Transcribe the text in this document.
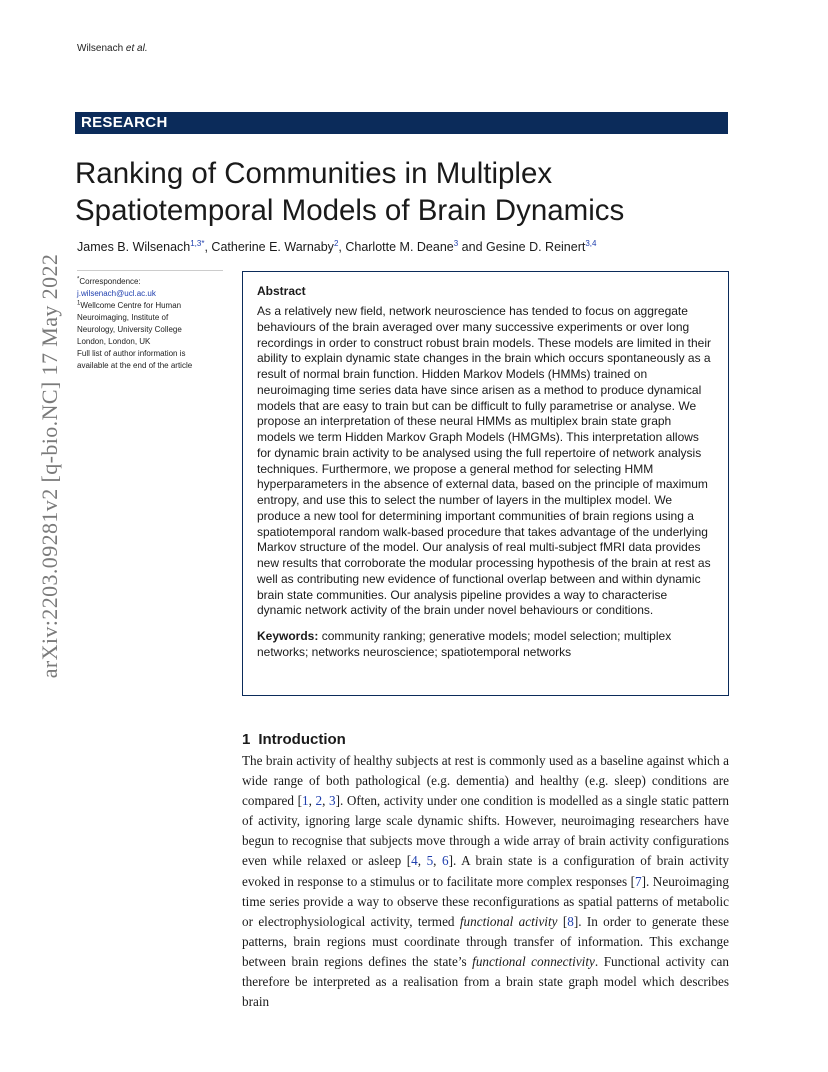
Wilsenach et al.
RESEARCH
Ranking of Communities in Multiplex
Spatiotemporal Models of Brain Dynamics
James B. Wilsenach$^{1,3*}$, Catherine E. Warnaby$^2$, Charlotte M. Deane$^3$ and Gesine D. Reinert$^{3,4}$
arXiv:2203.09281v2 [q-bio.NC] 17 May 2022	*Correspondence:
j.wilsenach@ucl.ac.uk
$^1$Wellcome Centre for Human
Neuroimaging, Institute of
Neurology, University College
London, London, UK
Full list of author information is
available at the end of the article
Abstract
As a relatively new field, network neuroscience has tended to focus on aggregate behaviours of the brain averaged over many successive experiments or over long recordings in order to construct robust brain models. These models are limited in their ability to explain dynamic state changes in the brain which occurs spontaneously as a result of normal brain function. Hidden Markov Models (HMMs) trained on neuroimaging time series data have since arisen as a method to produce dynamical models that are easy to train but can be difficult to fully parametrise or analyse. We propose an interpretation of these neural HMMs as multiplex brain state graph models we term Hidden Markov Graph Models (HMGMs). This interpretation allows for dynamic brain activity to be analysed using the full repertoire of network analysis techniques. Furthermore, we propose a general method for selecting HMM hyperparameters in the absence of external data, based on the principle of maximum entropy, and use this to select the number of layers in the multiplex model. We produce a new tool for determining important communities of brain regions using a spatiotemporal random walk-based procedure that takes advantage of the underlying Markov structure of the model. Our analysis of real multi-subject fMRI data provides new results that corroborate the modular processing hypothesis of the brain at rest as well as contributing new evidence of functional overlap between and within dynamic brain state communities. Our analysis pipeline provides a way to characterise dynamic network activity of the brain under novel behaviours or conditions.
Keywords: community ranking; generative models; model selection; multiplex networks; networks neuroscience; spatiotemporal networks
1 Introduction
The brain activity of healthy subjects at rest is commonly used as a baseline against which a wide range of both pathological (e.g. dementia) and healthy (e.g. sleep) conditions are compared [1, 2, 3]. Often, activity under one condition is modelled as a single static pattern of activity, ignoring large scale dynamic shifts. However, neuroimaging researchers have begun to recognise that subjects move through a wide array of brain activity configurations even while relaxed or asleep [4, 5, 6]. A brain state is a configuration of brain activity evoked in response to a stimulus or to facilitate more complex responses [7]. Neuroimaging time series provide a way to observe these reconfigurations as spatial patterns of metabolic or electrophysiological activity, termed functional activity [8]. In order to generate these patterns, brain regions must coordinate through transfer of information. This exchange between brain regions defines the state’s functional connectivity. Functional activity can therefore be interpreted as a realisation from a brain state graph model which describes brain
